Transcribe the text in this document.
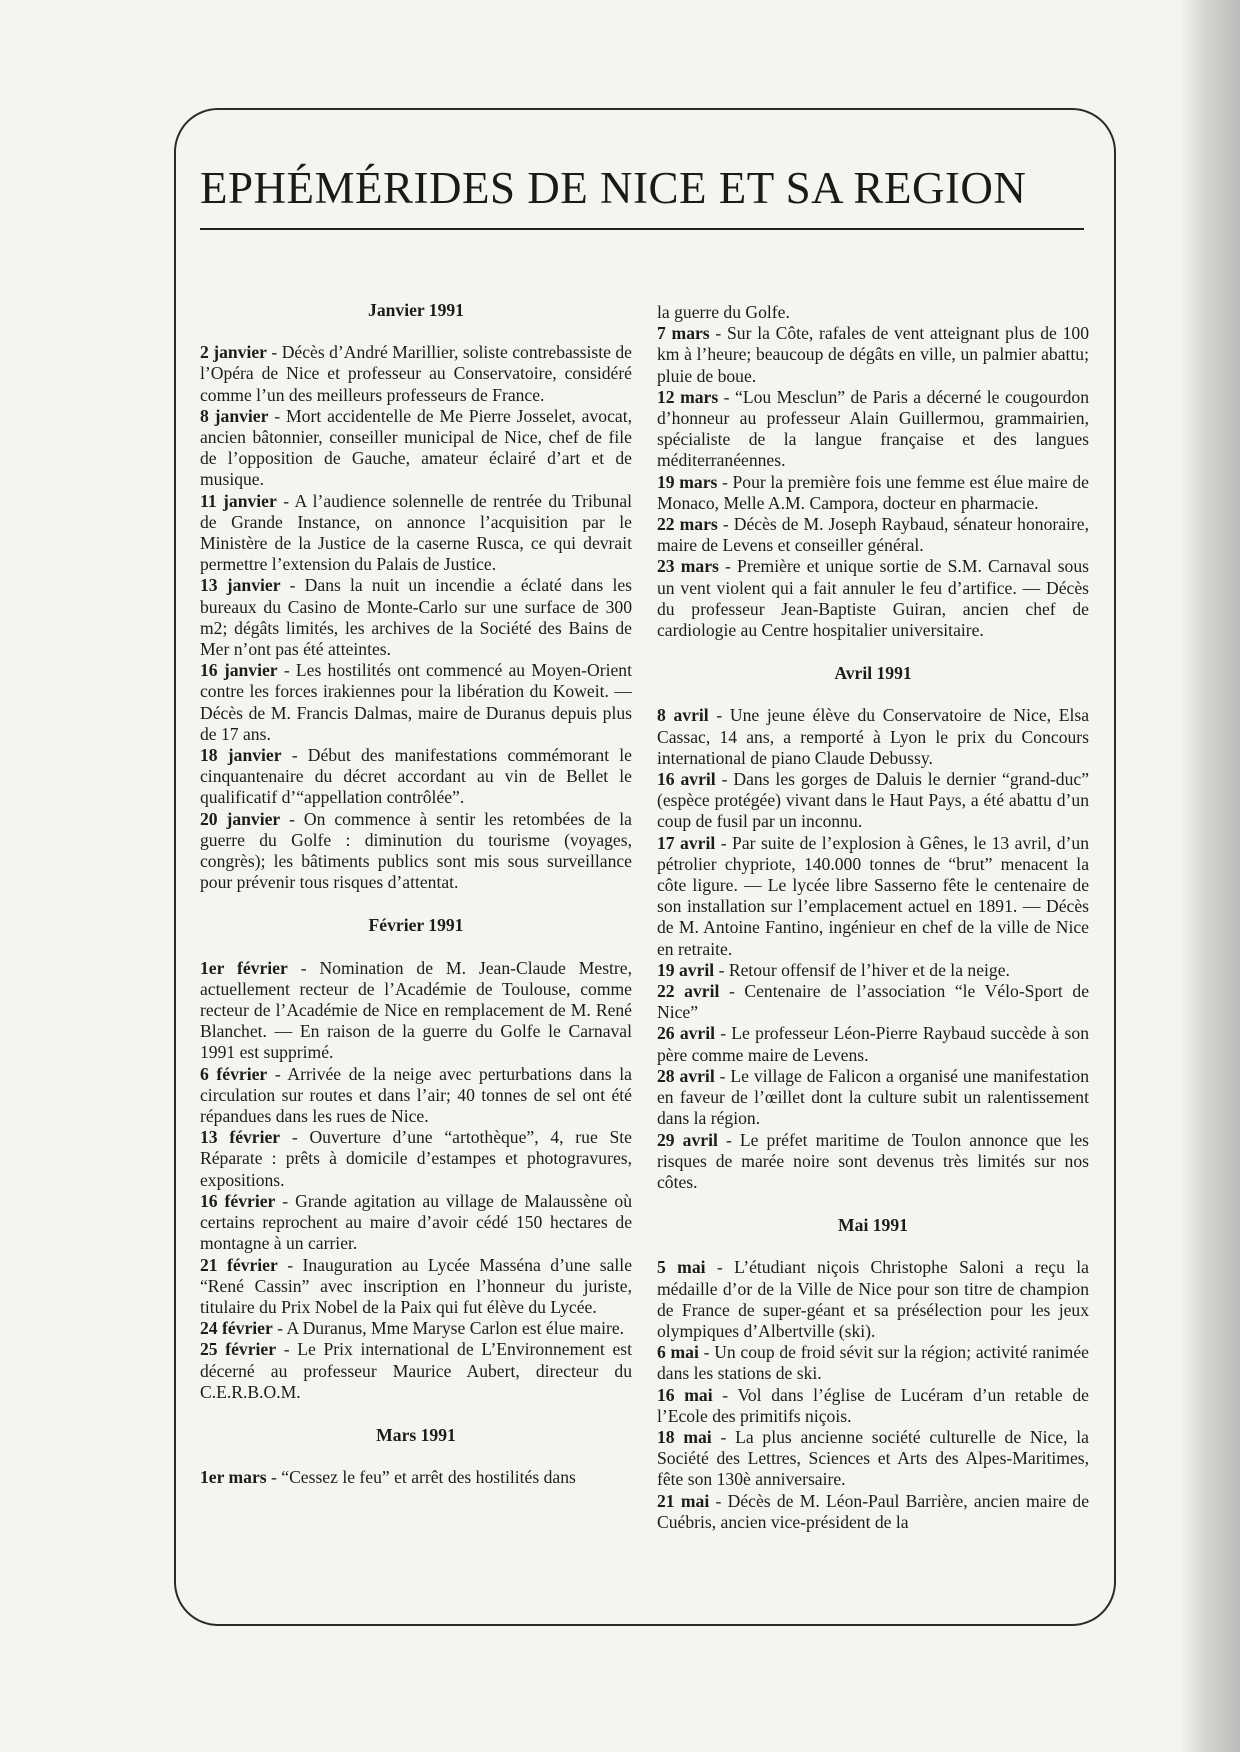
EPHÉMÉRIDES DE NICE ET SA REGION

Janvier 1991

2 janvier - Décès d’André Marillier, soliste contrebassiste de l’Opéra de Nice et professeur au Conservatoire, considéré comme l’un des meilleurs professeurs de France.

8 janvier - Mort accidentelle de Me Pierre Josselet, avocat, ancien bâtonnier, conseiller municipal de Nice, chef de file de l’opposition de Gauche, amateur éclairé d’art et de musique.

11 janvier - A l’audience solennelle de rentrée du Tribunal de Grande Instance, on annonce l’acquisition par le Ministère de la Justice de la caserne Rusca, ce qui devrait permettre l’extension du Palais de Justice.

13 janvier - Dans la nuit un incendie a éclaté dans les bureaux du Casino de Monte-Carlo sur une surface de 300 m2; dégâts limités, les archives de la Société des Bains de Mer n’ont pas été atteintes.

16 janvier - Les hostilités ont commencé au Moyen-Orient contre les forces irakiennes pour la libération du Koweit. — Décès de M. Francis Dalmas, maire de Duranus depuis plus de 17 ans.

18 janvier - Début des manifestations commémorant le cinquantenaire du décret accordant au vin de Bellet le qualificatif d’“appellation contrôlée”.

20 janvier - On commence à sentir les retombées de la guerre du Golfe : diminution du tourisme (voyages, congrès); les bâtiments publics sont mis sous surveillance pour prévenir tous risques d’attentat.

Février 1991

1er février - Nomination de M. Jean-Claude Mestre, actuellement recteur de l’Académie de Toulouse, comme recteur de l’Académie de Nice en remplacement de M. René Blanchet. — En raison de la guerre du Golfe le Carnaval 1991 est supprimé.

6 février - Arrivée de la neige avec perturbations dans la circulation sur routes et dans l’air; 40 tonnes de sel ont été répandues dans les rues de Nice.

13 février - Ouverture d’une “artothèque”, 4, rue Ste Réparate : prêts à domicile d’estampes et photogravures, expositions.

16 février - Grande agitation au village de Malaussène où certains reprochent au maire d’avoir cédé 150 hectares de montagne à un carrier.

21 février - Inauguration au Lycée Masséna d’une salle “René Cassin” avec inscription en l’honneur du juriste, titulaire du Prix Nobel de la Paix qui fut élève du Lycée.

24 février - A Duranus, Mme Maryse Carlon est élue maire.

25 février - Le Prix international de L’Environnement est décerné au professeur Maurice Aubert, directeur du C.E.R.B.O.M.

Mars 1991

1er mars - “Cessez le feu” et arrêt des hostilités dans

la guerre du Golfe.

7 mars - Sur la Côte, rafales de vent atteignant plus de 100 km à l’heure; beaucoup de dégâts en ville, un palmier abattu; pluie de boue.

12 mars - “Lou Mesclun” de Paris a décerné le cougourdon d’honneur au professeur Alain Guillermou, grammairien, spécialiste de la langue française et des langues méditerranéennes.

19 mars - Pour la première fois une femme est élue maire de Monaco, Melle A.M. Campora, docteur en pharmacie.

22 mars - Décès de M. Joseph Raybaud, sénateur honoraire, maire de Levens et conseiller général.

23 mars - Première et unique sortie de S.M. Carnaval sous un vent violent qui a fait annuler le feu d’artifice. — Décès du professeur Jean-Baptiste Guiran, ancien chef de cardiologie au Centre hospitalier universitaire.

Avril 1991

8 avril - Une jeune élève du Conservatoire de Nice, Elsa Cassac, 14 ans, a remporté à Lyon le prix du Concours international de piano Claude Debussy.

16 avril - Dans les gorges de Daluis le dernier “grand-duc” (espèce protégée) vivant dans le Haut Pays, a été abattu d’un coup de fusil par un inconnu.

17 avril - Par suite de l’explosion à Gênes, le 13 avril, d’un pétrolier chypriote, 140.000 tonnes de “brut” menacent la côte ligure. — Le lycée libre Sasserno fête le centenaire de son installation sur l’emplacement actuel en 1891. — Décès de M. Antoine Fantino, ingénieur en chef de la ville de Nice en retraite.

19 avril - Retour offensif de l’hiver et de la neige.

22 avril - Centenaire de l’association “le Vélo-Sport de Nice”

26 avril - Le professeur Léon-Pierre Raybaud succède à son père comme maire de Levens.

28 avril - Le village de Falicon a organisé une manifestation en faveur de l’œillet dont la culture subit un ralentissement dans la région.

29 avril - Le préfet maritime de Toulon annonce que les risques de marée noire sont devenus très limités sur nos côtes.

Mai 1991

5 mai - L’étudiant niçois Christophe Saloni a reçu la médaille d’or de la Ville de Nice pour son titre de champion de France de super-géant et sa présélection pour les jeux olympiques d’Albertville (ski).

6 mai - Un coup de froid sévit sur la région; activité ranimée dans les stations de ski.

16 mai - Vol dans l’église de Lucéram d’un retable de l’Ecole des primitifs niçois.

18 mai - La plus ancienne société culturelle de Nice, la Société des Lettres, Sciences et Arts des Alpes-Maritimes, fête son 130è anniversaire.

21 mai - Décès de M. Léon-Paul Barrière, ancien maire de Cuébris, ancien vice-président de la
